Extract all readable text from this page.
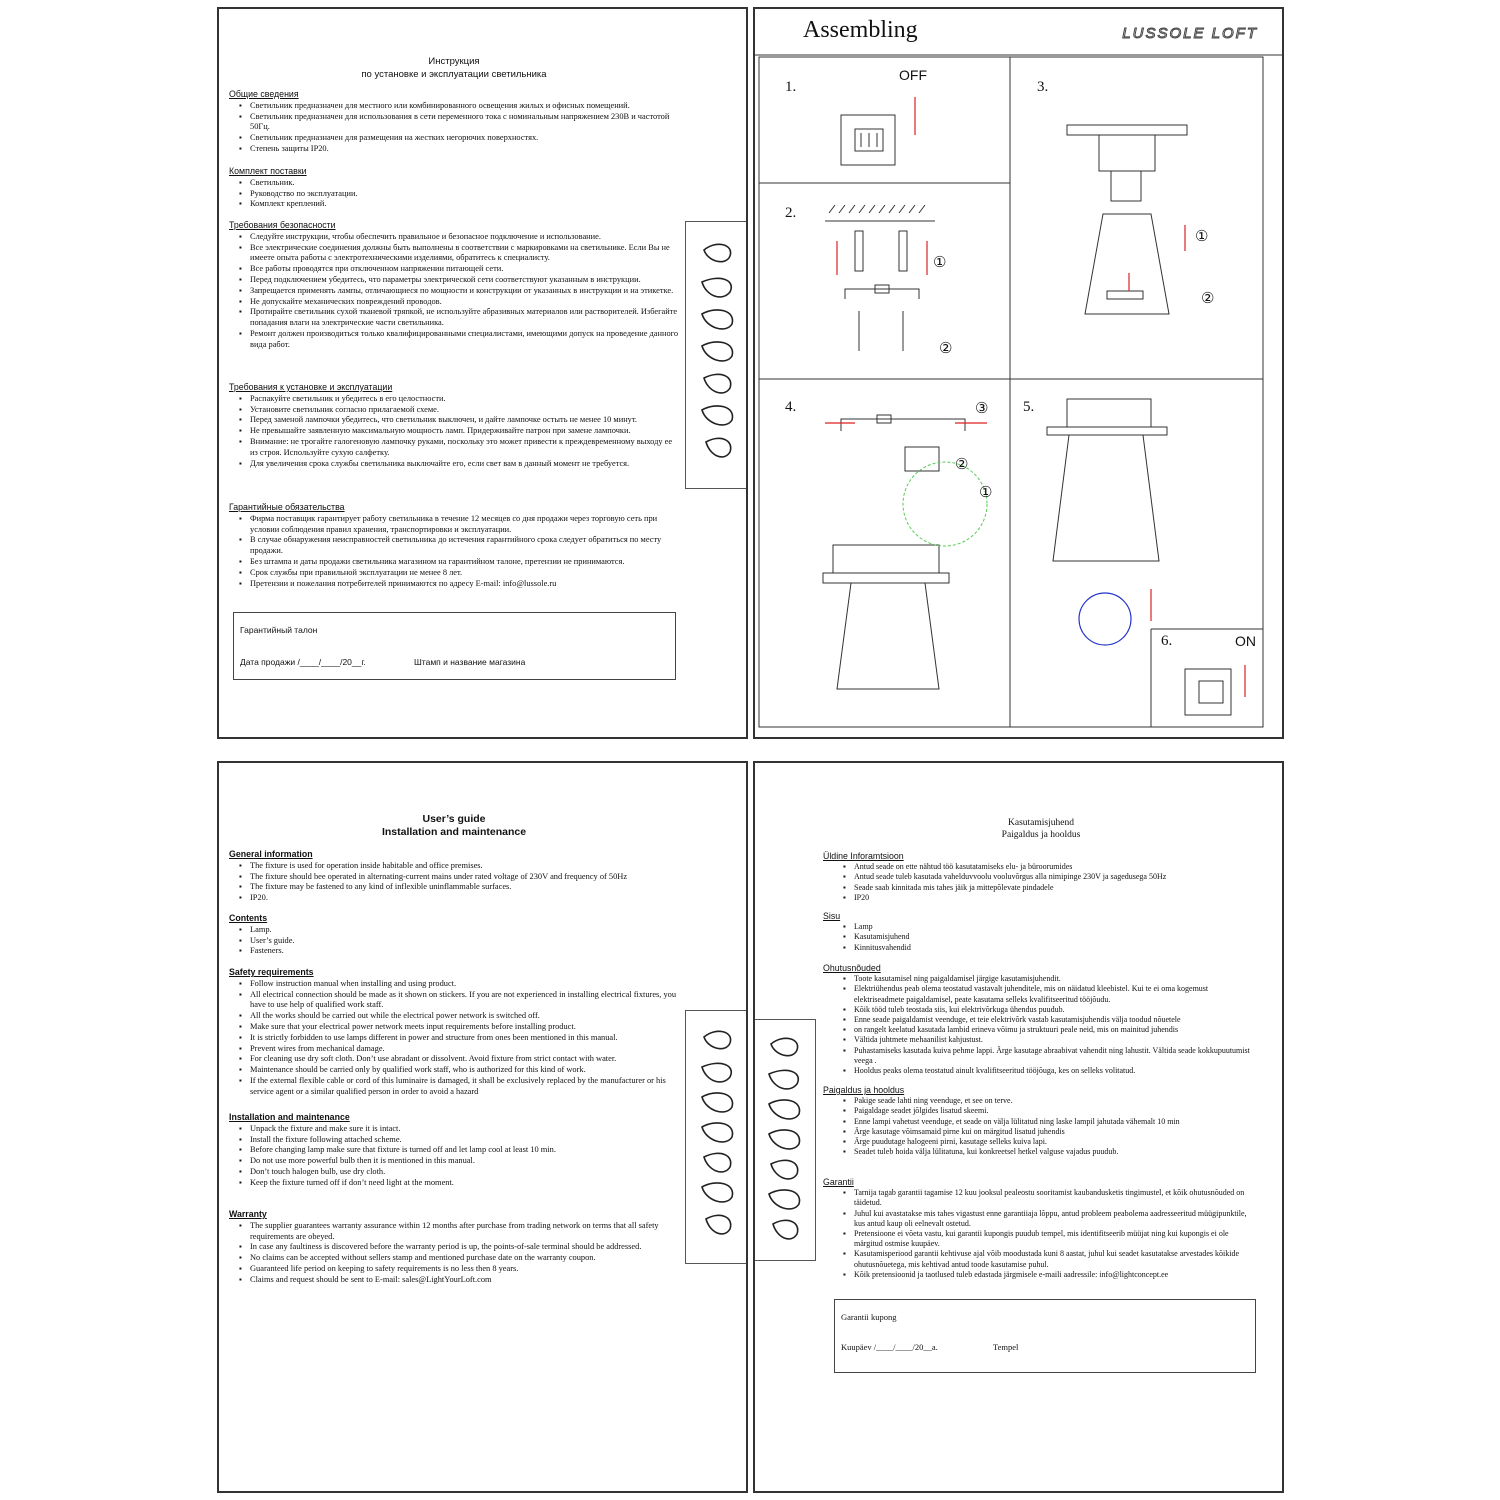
Инструкция
по установке и эксплуатации светильника
Общие сведения
▪ Светильник предназначен для местного или комбинированного освещения жилых и офисных помещений.
▪ Светильник предназначен для использования в сети переменного тока с номинальным напряжением 230В и частотой 50Гц.
▪ Светильник предназначен для размещения на жестких негорючих поверхностях.
▪ Степень защиты IP20.
Комплект поставки
▪ Светильник.
▪ Руководство по эксплуатации.
▪ Комплект креплений.
Требования безопасности
▪ Следуйте инструкции, чтобы обеспечить правильное и безопасное подключение и использование.
▪ Все электрические соединения должны быть выполнены в соответствии с маркировками на светильнике. Если Вы не имеете опыта работы с электротехническими изделиями, обратитесь к специалисту.
▪ Все работы проводятся при отключенном напряжении питающей сети.
▪ Перед подключением убедитесь, что параметры электрической сети соответствуют указанным в инструкции.
▪ Запрещается применять лампы, отличающиеся по мощности и конструкции от указанных в инструкции и на этикетке.
▪ Не допускайте механических повреждений проводов.
▪ Протирайте светильник сухой тканевой тряпкой, не используйте абразивных материалов или растворителей. Избегайте попадания влаги на электрические части светильника.
▪ Ремонт должен производиться только квалифицированными специалистами, имеющими допуск на проведение данного вида работ.
Требования к установке и эксплуатации
▪ Распакуйте светильник и убедитесь в его целостности.
▪ Установите светильник согласно прилагаемой схеме.
▪ Перед заменой лампочки убедитесь, что светильник выключен, и дайте лампочке остыть не менее 10 минут.
▪ Не превышайте заявленную максимальную мощность ламп. Придерживайте патрон при замене лампочки.
▪ Внимание: не трогайте галогеновую лампочку руками, поскольку это может привести к преждевременному выходу ее из строя. Используйте сухую салфетку.
▪ Для увеличения срока службы светильника выключайте его, если свет вам в данный момент не требуется.
Гарантийные обязательства
▪ Фирма поставщик гарантирует работу светильника в течение 12 месяцев со дня продажи через торговую сеть при условии соблюдения правил хранения, транспортировки и эксплуатации.
▪ В случае обнаружения неисправностей светильника до истечения гарантийного срока следует обратиться по месту продажи.
▪ Без штампа и даты продажи светильника магазином на гарантийном талоне, претензии не принимаются.
▪ Срок службы при правильной эксплуатации не менее 8 лет.
▪ Претензии и пожелания потребителей принимаются по адресу E-mail: info@lussole.ru
Гарантийный талон
Дата продажи /____/____/20__г.	Штамп и название магазина
Assembling	LUSSOLE LOFT
1.
2.
3.
4.	5.
6.
OFF
ON
①
②
①
②
③
②
①
User’s guide
Installation and maintenance
General information
▪ The fixture is used for operation inside habitable and office premises.
▪ The fixture should bee operated in alternating-current mains under rated voltage of 230V and frequency of 50Hz
▪ The fixture may be fastened to any kind of inflexible uninflammable surfaces.
▪ IP20.
Contents
▪ Lamp.
▪ User’s guide.
▪ Fasteners.
Safety requirements
▪ Follow instruction manual when installing and using product.
▪ All electrical connection should be made as it shown on stickers. If you are not experienced in installing electrical fixtures, you have to use help of qualified work staff.
▪ All the works should be carried out while the electrical power network is switched off.
▪ Make sure that your electrical power network meets input requirements before installing product.
▪ It is strictly forbidden to use lamps different in power and structure from ones been mentioned in this manual.
▪ Prevent wires from mechanical damage.
▪ For cleaning use dry soft cloth. Don’t use abradant or dissolvent. Avoid fixture from strict contact with water.
▪ Maintenance should be carried only by qualified work staff, who is authorized for this kind of work.
▪ If the external flexible cable or cord of this luminaire is damaged, it shall be exclusively replaced by the manufacturer or his service agent or a similar qualified person in order to avoid a hazard
Installation and maintenance
▪ Unpack the fixture and make sure it is intact.
▪ Install the fixture following attached scheme.
▪ Before changing lamp make sure that fixture is turned off and let lamp cool at least 10 min.
▪ Do not use more powerful bulb then it is mentioned in this manual.
▪ Don’t touch halogen bulb, use dry cloth.
▪ Keep the fixture turned off if don’t need light at the moment.
Warranty
▪ The supplier guarantees warranty assurance within 12 months after purchase from trading network on terms that all safety requirements are obeyed.
▪ In case any faultiness is discovered before the warranty period is up, the points-of-sale terminal should be addressed.
▪ No claims can be accepted without sellers stamp and mentioned purchase date on the warranty coupon.
▪ Guaranteed life period on keeping to safety requirements is no less then 8 years.
▪ Claims and request should be sent to E-mail: sales@LightYourLoft.com
Kasutamisjuhend
Paigaldus ja hooldus
Üldine Inforamtsioon
▪ Antud seade on ette nähtud töö kasutatamiseks elu- ja büroorumides
▪ Antud seade tuleb kasutada vahelduvvoolu vooluvõrgus alla nimipinge 230V ja sagedusega 50Hz
▪ Seade saab kinnitada mis tahes jäik ja mittepõlevate pindadele
▪ IP20
Sisu
▪ Lamp
▪ Kasutamisjuhend
▪ Kinnitusvahendid
Ohutusnõuded
▪ Toote kasutamisel ning paigaldamisel järgige kasutamisjuhendit.
▪ Elektriühendus peab olema teostatud vastavalt juhenditele, mis on näidatud kleebistel. Kui te ei oma kogemust elektriseadmete paigaldamisel, peate kasutama selleks kvalifitseeritud tööjõudu.
▪ Kõik tööd tuleb teostada siis, kui elektrivõrkuga ühendus puudub.
▪ Enne seade paigaldamist veenduge, et teie elektrivõrk vastab kasutamisjuhendis välja toodud nõuetele
▪ on rangelt keelatud kasutada lambid erineva võimu ja struktuuri peale neid, mis on mainitud juhendis
▪ Vältida juhtmete mehaanilist kahjustust.
▪ Puhastamiseks kasutada kuiva pehme lappi. Ärge kasutage abraabivat vahendit ning lahustit. Vältida seade kokkupuutumist veega .
▪ Hooldus peaks olema teostatud ainult kvalifitseeritud tööjõuga, kes on selleks volitatud.
Paigaldus ja hooldus
▪ Pakige seade lahti ning veenduge, et see on terve.
▪ Paigaldage seadet jõlgides lisatud skeemi.
▪ Enne lampi vahetust veenduge, et seade on välja lülitatud ning laske lampil jahutada vähemalt 10 min
▪ Ärge kasutage võimsamaid pirne kui on märgitud lisatud juhendis
▪ Ärge puudutage halogeeni pirni, kasutage selleks kuiva lapi.
▪ Seadet tuleb hoida välja lülitatuna, kui konkreetsel hetkel valguse vajadus puudub.
Garantii
▪ Tarnija tagab garantii tagamise 12 kuu jooksul pealeostu sooritamist kaubandusketis tingimustel, et kõik ohutusnõuded on täidetud.
▪ Juhul kui avastatakse mis tahes vigastust enne garantiiaja lõppu, antud probleem peabolema aadresseeritud müügipunktile, kus antud kaup oli eelnevalt ostetud.
▪ Pretensioone ei võeta vastu, kui garantii kupongis puudub tempel, mis identifitseerib müüjat ning kui kupongis ei ole märgitud ostmise kuupäev.
▪ Kasutamisperiood garantii kehtivuse ajal võib moodustada kuni 8 aastat, juhul kui seadet kasutatakse arvestades kõikide ohutusnõuetega, mis kehtivad antud toode kasutamise puhul.
▪ Kõik pretensioonid ja taotlused tuleb edastada järgmisele e-maili aadressile: info@lightconcept.ee
Garantii kupong
Kuupäev /____/____/20__a.	Tempel
